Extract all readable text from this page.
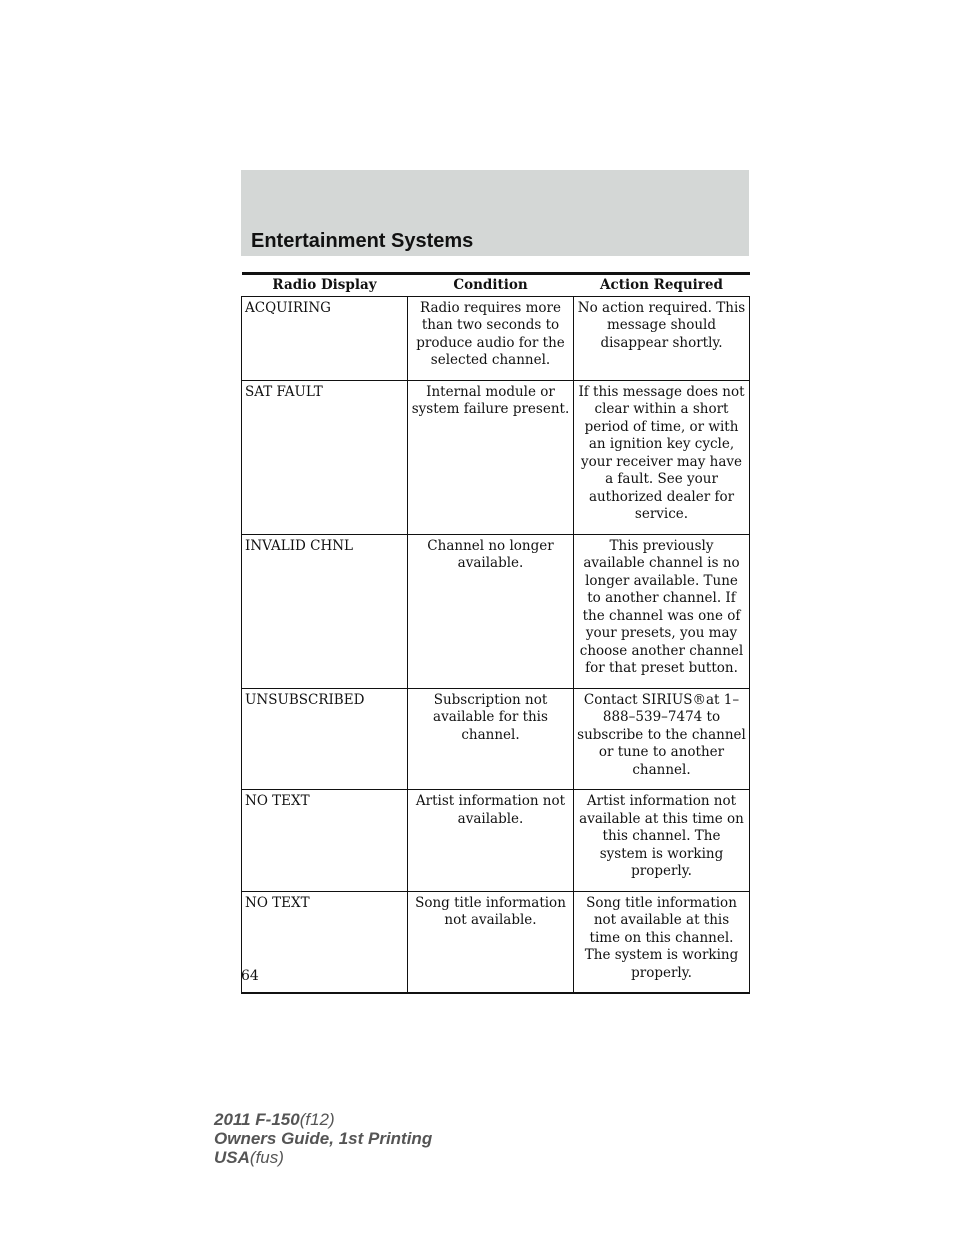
Entertainment Systems
Radio Display	Condition	Action Required
ACQUIRING	Radio requires more than two seconds to produce audio for the selected channel.	No action required. This message should disappear shortly.
SAT FAULT	Internal module or system failure present.	If this message does not clear within a short period of time, or with an ignition key cycle, your receiver may have a fault. See your authorized dealer for service.
INVALID CHNL	Channel no longer available.	This previously available channel is no longer available. Tune to another channel. If the channel was one of your presets, you may choose another channel for that preset button.
UNSUBSCRIBED	Subscription not available for this channel.	Contact SIRIUS®at 1–888–539–7474 to subscribe to the channel or tune to another channel.
NO TEXT	Artist information not available.	Artist information not available at this time on this channel. The system is working properly.
NO TEXT	Song title information not available.	Song title information not available at this time on this channel. The system is working properly.
64
2011 F-150(f12)
Owners Guide, 1st Printing
USA(fus)
